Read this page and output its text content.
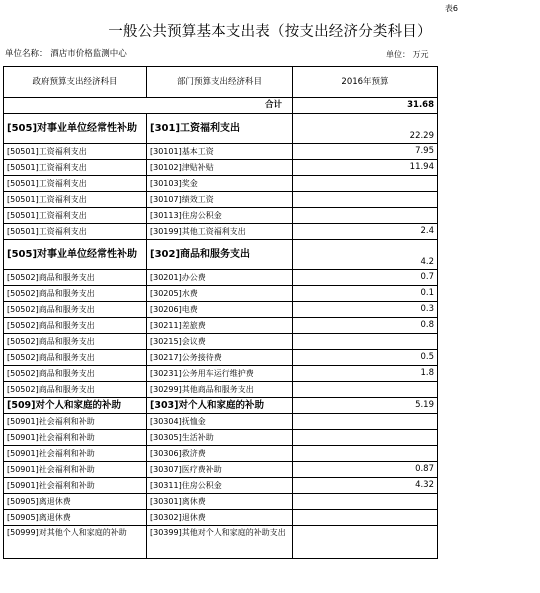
表6
一般公共预算基本支出表（按支出经济分类科目）
单位名称： 酒店市价格监测中心	单位： 万元
政府预算支出经济科目	部门预算支出经济科目	2016年预算
合计		31.68
[505]对事业单位经常性补助	[301]工资福利支出	22.29
[50501]工资福利支出	[30101]基本工资	7.95
[50501]工资福利支出	[30102]津贴补贴	11.94
[50501]工资福利支出	[30103]奖金	
[50501]工资福利支出	[30107]绩效工资	
[50501]工资福利支出	[30113]住房公积金	
[50501]工资福利支出	[30199]其他工资福利支出	2.4
[505]对事业单位经常性补助	[302]商品和服务支出	4.2
[50502]商品和服务支出	[30201]办公费	0.7
[50502]商品和服务支出	[30205]水费	0.1
[50502]商品和服务支出	[30206]电费	0.3
[50502]商品和服务支出	[30211]差旅费	0.8
[50502]商品和服务支出	[30215]会议费	
[50502]商品和服务支出	[30217]公务接待费	0.5
[50502]商品和服务支出	[30231]公务用车运行维护费	1.8
[50502]商品和服务支出	[30299]其他商品和服务支出	
[509]对个人和家庭的补助	[303]对个人和家庭的补助	5.19
[50901]社会福利和补助	[30304]抚恤金	
[50901]社会福利和补助	[30305]生活补助	
[50901]社会福利和补助	[30306]救济费	
[50901]社会福利和补助	[30307]医疗费补助	0.87
[50901]社会福利和补助	[30311]住房公积金	4.32
[50905]离退休费	[30301]离休费	
[50905]离退休费	[30302]退休费	
[50999]对其他个人和家庭的补助	[30399]其他对个人和家庭的补助支出	
